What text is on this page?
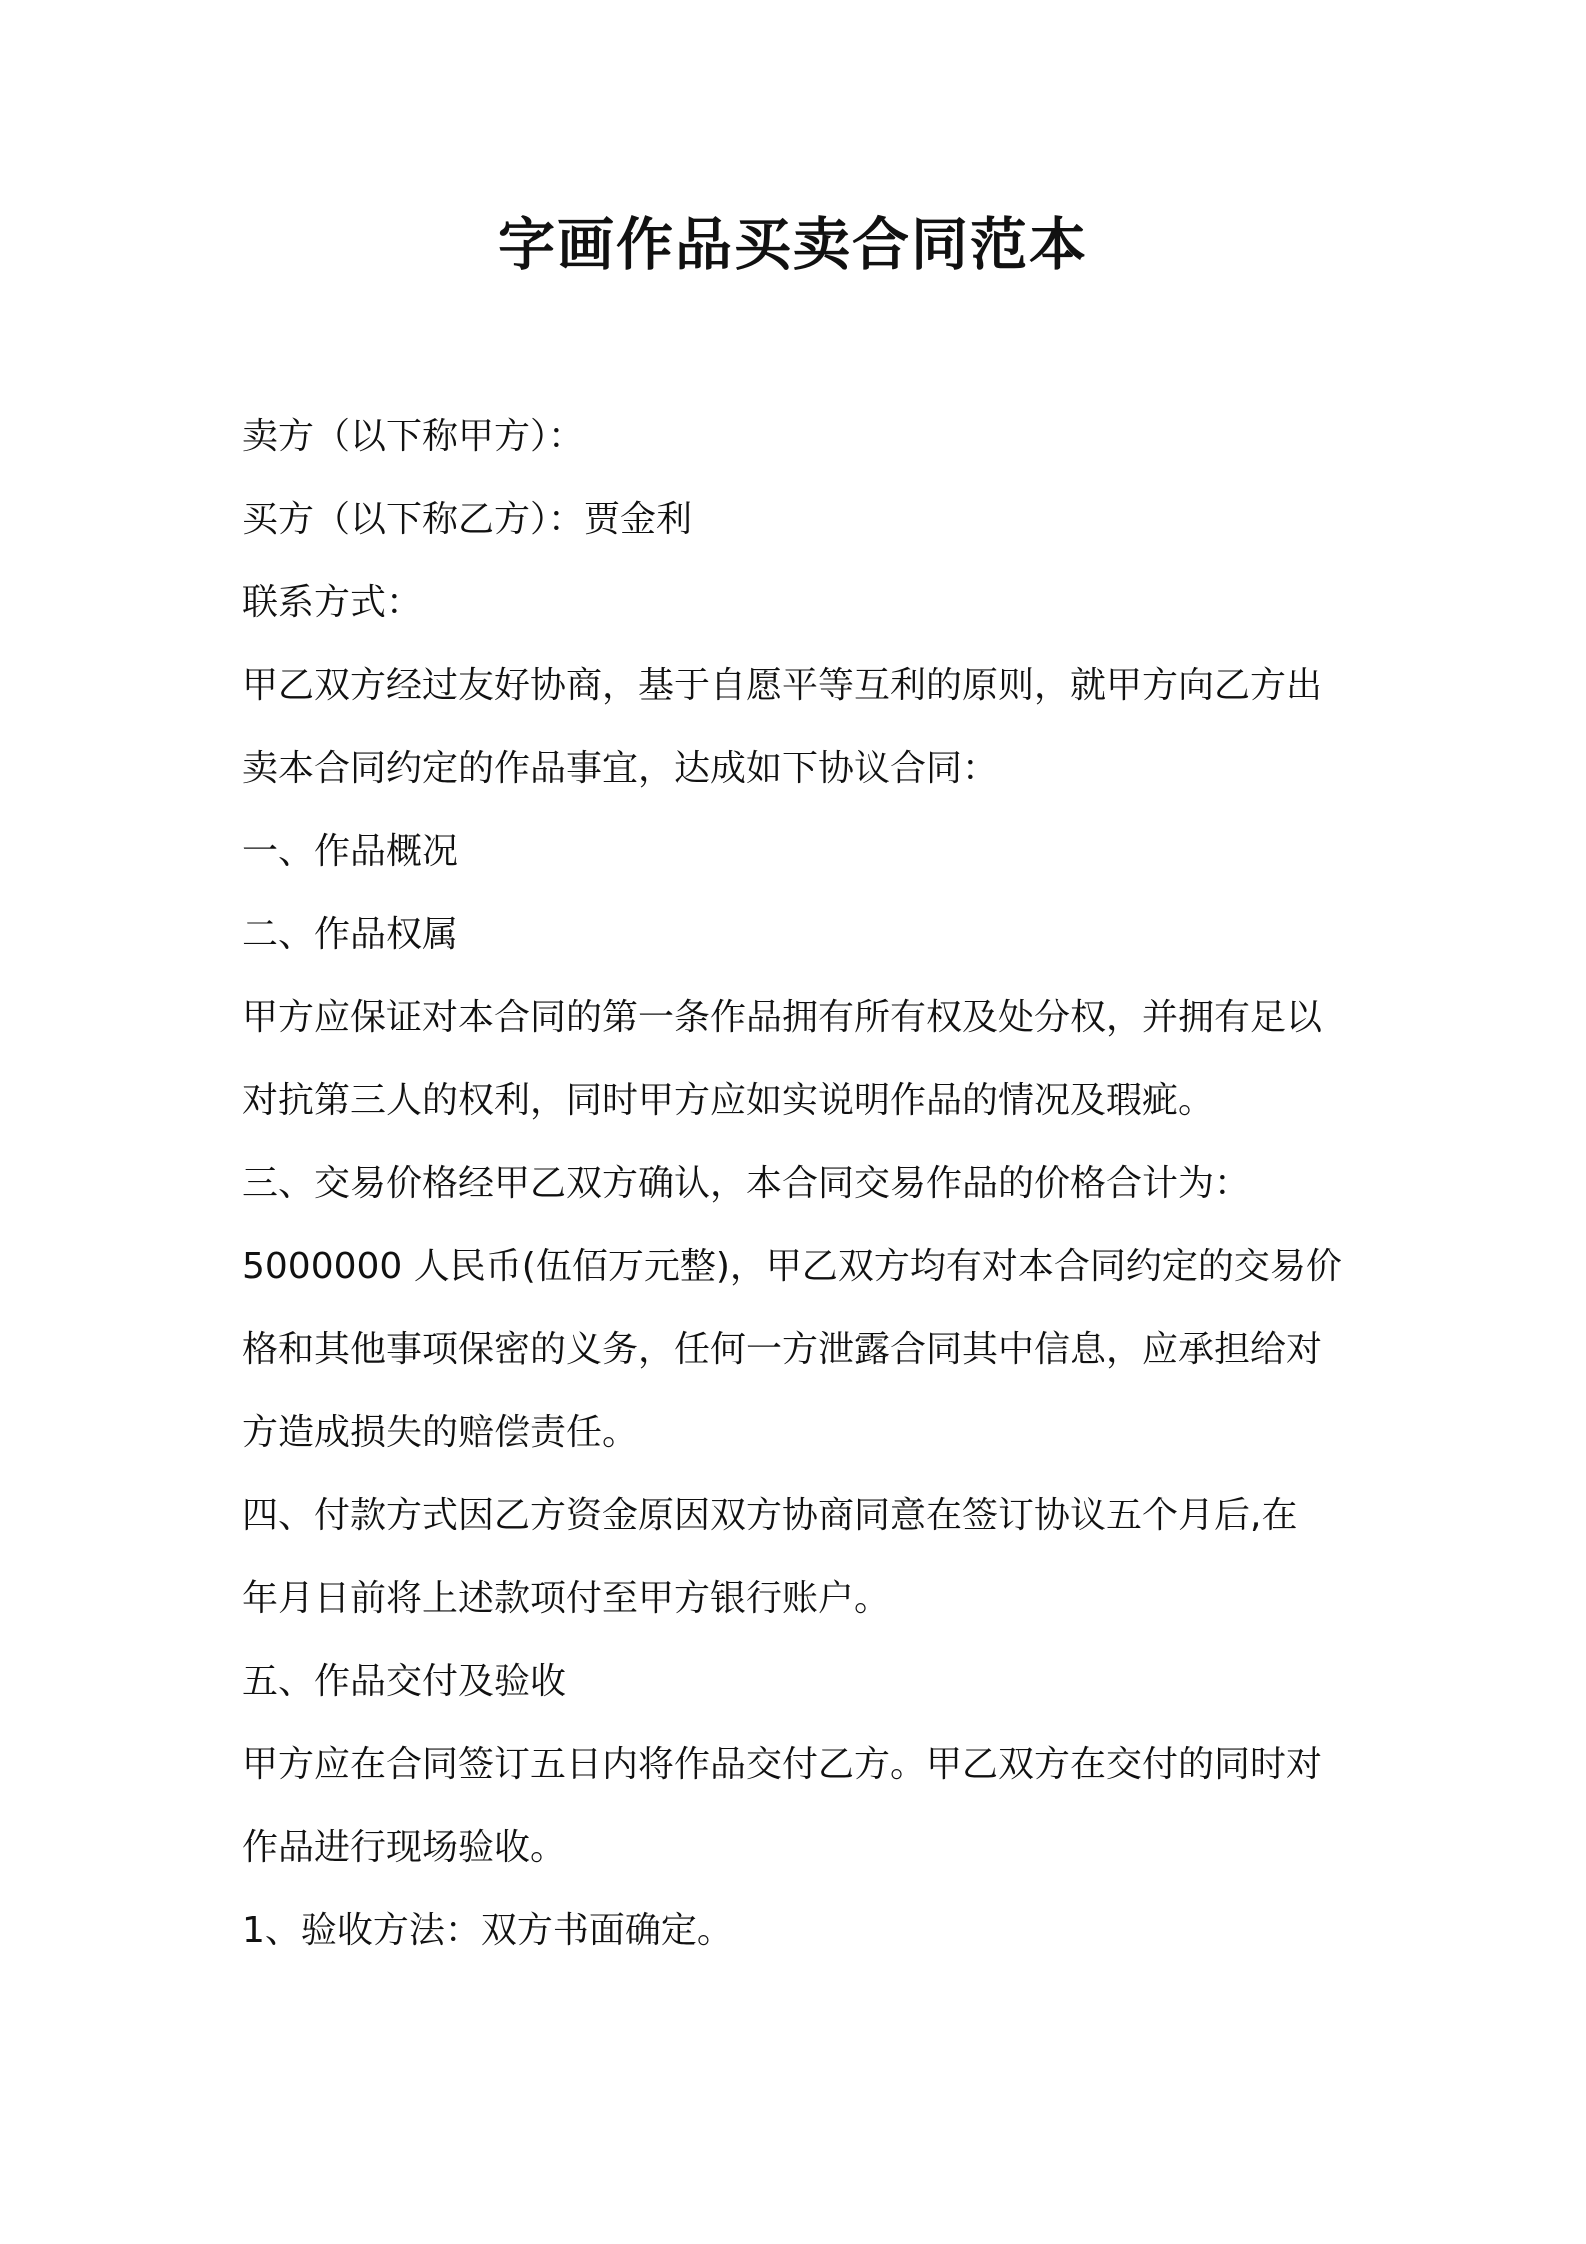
字画作品买卖合同范本

卖方（以下称甲方）：

买方（以下称乙方）：贾金利

联系方式：

甲乙双方经过友好协商，基于自愿平等互利的原则，就甲方向乙方出

卖本合同约定的作品事宜，达成如下协议合同：

一、作品概况

二、作品权属

甲方应保证对本合同的第一条作品拥有所有权及处分权，并拥有足以

对抗第三人的权利，同时甲方应如实说明作品的情况及瑕疵。

三、交易价格经甲乙双方确认，本合同交易作品的价格合计为：

5000000 人民币(伍佰万元整)，甲乙双方均有对本合同约定的交易价

格和其他事项保密的义务，任何一方泄露合同其中信息，应承担给对

方造成损失的赔偿责任。

四、付款方式因乙方资金原因双方协商同意在签订协议五个月后,在

年月日前将上述款项付至甲方银行账户。

五、作品交付及验收

甲方应在合同签订五日内将作品交付乙方。甲乙双方在交付的同时对

作品进行现场验收。

1、验收方法：双方书面确定。
